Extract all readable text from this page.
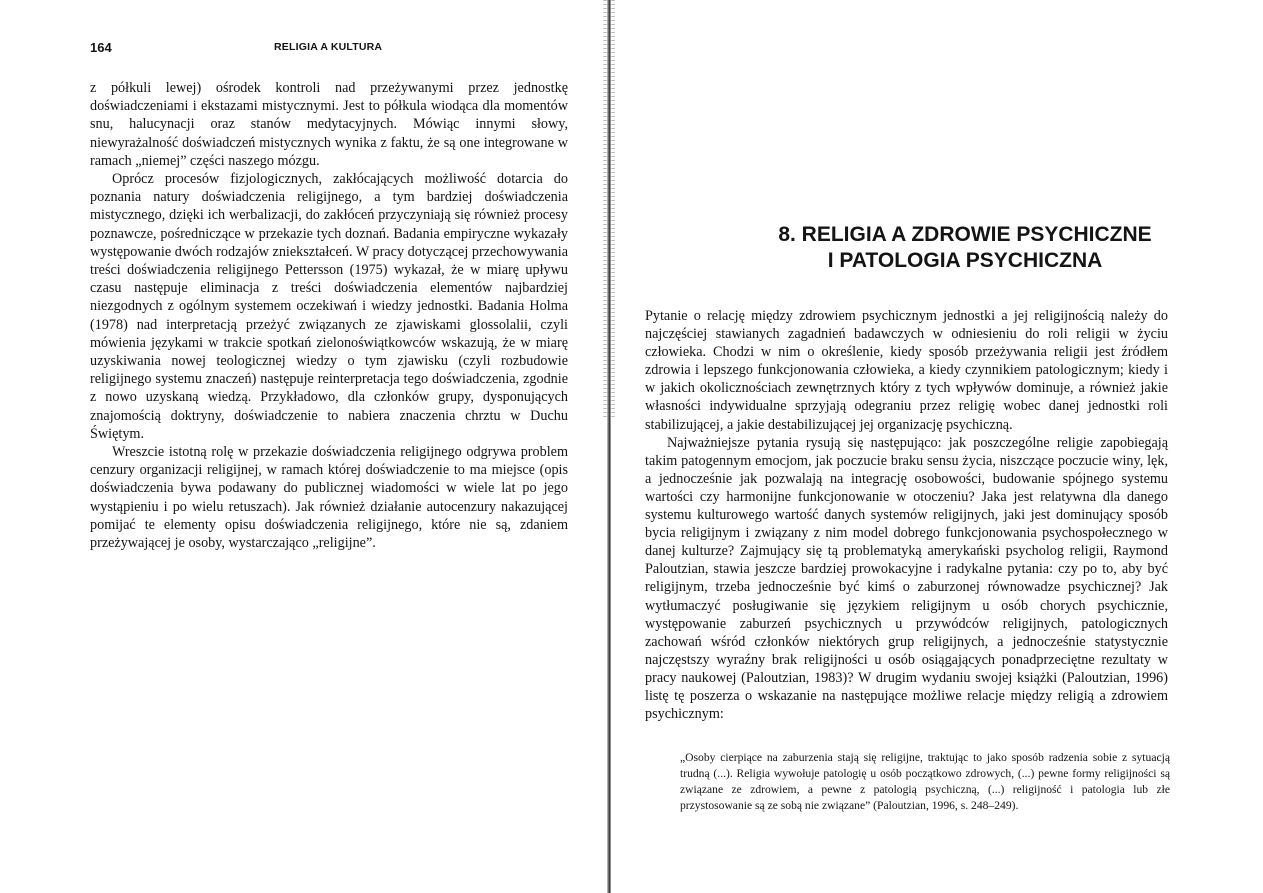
164	RELIGIA A KULTURA

z półkuli lewej) ośrodek kontroli nad przeżywanymi przez jednostkę doświadczeniami i ekstazami mistycznymi. Jest to półkula wiodąca dla momentów snu, halucynacji oraz stanów medytacyjnych. Mówiąc innymi słowy, niewyrażalność doświadczeń mistycznych wynika z faktu, że są one integrowane w ramach „niemej” części naszego mózgu.

Oprócz procesów fizjologicznych, zakłócających możliwość dotarcia do poznania natury doświadczenia religijnego, a tym bardziej doświadczenia mistycznego, dzięki ich werbalizacji, do zakłóceń przyczyniają się również procesy poznawcze, pośredniczące w przekazie tych doznań. Badania empiryczne wykazały występowanie dwóch rodzajów zniekształceń. W pracy dotyczącej przechowywania treści doświadczenia religijnego Pettersson (1975) wykazał, że w miarę upływu czasu następuje eliminacja z treści doświadczenia elementów najbardziej niezgodnych z ogólnym systemem oczekiwań i wiedzy jednostki. Badania Holma (1978) nad interpretacją przeżyć związanych ze zjawiskami glossolalii, czyli mówienia językami w trakcie spotkań zielonoświątkowców wskazują, że w miarę uzyskiwania nowej teologicznej wiedzy o tym zjawisku (czyli rozbudowie religijnego systemu znaczeń) następuje reinterpretacja tego doświadczenia, zgodnie z nowo uzyskaną wiedzą. Przykładowo, dla członków grupy, dysponujących znajomością doktryny, doświadczenie to nabiera znaczenia chrztu w Duchu Świętym.

Wreszcie istotną rolę w przekazie doświadczenia religijnego odgrywa problem cenzury organizacji religijnej, w ramach której doświadczenie to ma miejsce (opis doświadczenia bywa podawany do publicznej wiadomości w wiele lat po jego wystąpieniu i po wielu retuszach). Jak również działanie autocenzury nakazującej pomijać te elementy opisu doświadczenia religijnego, które nie są, zdaniem przeżywającej je osoby, wystarczająco „religijne”.

8. RELIGIA A ZDROWIE PSYCHICZNE
I PATOLOGIA PSYCHICZNA

Pytanie o relację między zdrowiem psychicznym jednostki a jej religijnością należy do najczęściej stawianych zagadnień badawczych w odniesieniu do roli religii w życiu człowieka. Chodzi w nim o określenie, kiedy sposób przeżywania religii jest źródłem zdrowia i lepszego funkcjonowania człowieka, a kiedy czynnikiem patologicznym; kiedy i w jakich okolicznościach zewnętrznych który z tych wpływów dominuje, a również jakie własności indywidualne sprzyjają odegraniu przez religię wobec danej jednostki roli stabilizującej, a jakie destabilizującej jej organizację psychiczną.

Najważniejsze pytania rysują się następująco: jak poszczególne religie zapobiegają takim patogennym emocjom, jak poczucie braku sensu życia, niszczące poczucie winy, lęk, a jednocześnie jak pozwalają na integrację osobowości, budowanie spójnego systemu wartości czy harmonijne funkcjonowanie w otoczeniu? Jaka jest relatywna dla danego systemu kulturowego wartość danych systemów religijnych, jaki jest dominujący sposób bycia religijnym i związany z nim model dobrego funkcjonowania psychospołecznego w danej kulturze? Zajmujący się tą problematyką amerykański psycholog religii, Raymond Paloutzian, stawia jeszcze bardziej prowokacyjne i radykalne pytania: czy po to, aby być religijnym, trzeba jednocześnie być kimś o zaburzonej równowadze psychicznej? Jak wytłumaczyć posługiwanie się językiem religijnym u osób chorych psychicznie, występowanie zaburzeń psychicznych u przywódców religijnych, patologicznych zachowań wśród członków niektórych grup religijnych, a jednocześnie statystycznie najczęstszy wyraźny brak religijności u osób osiągających ponadprzeciętne rezultaty w pracy naukowej (Paloutzian, 1983)? W drugim wydaniu swojej książki (Paloutzian, 1996) listę tę poszerza o wskazanie na następujące możliwe relacje między religią a zdrowiem psychicznym:

„Osoby cierpiące na zaburzenia stają się religijne, traktując to jako sposób radzenia sobie z sytuacją trudną (...). Religia wywołuje patologię u osób początkowo zdrowych, (...) pewne formy religijności są związane ze zdrowiem, a pewne z patologią psychiczną, (...) religijność i patologia lub złe przystosowanie są ze sobą nie związane” (Paloutzian, 1996, s. 248–249).
